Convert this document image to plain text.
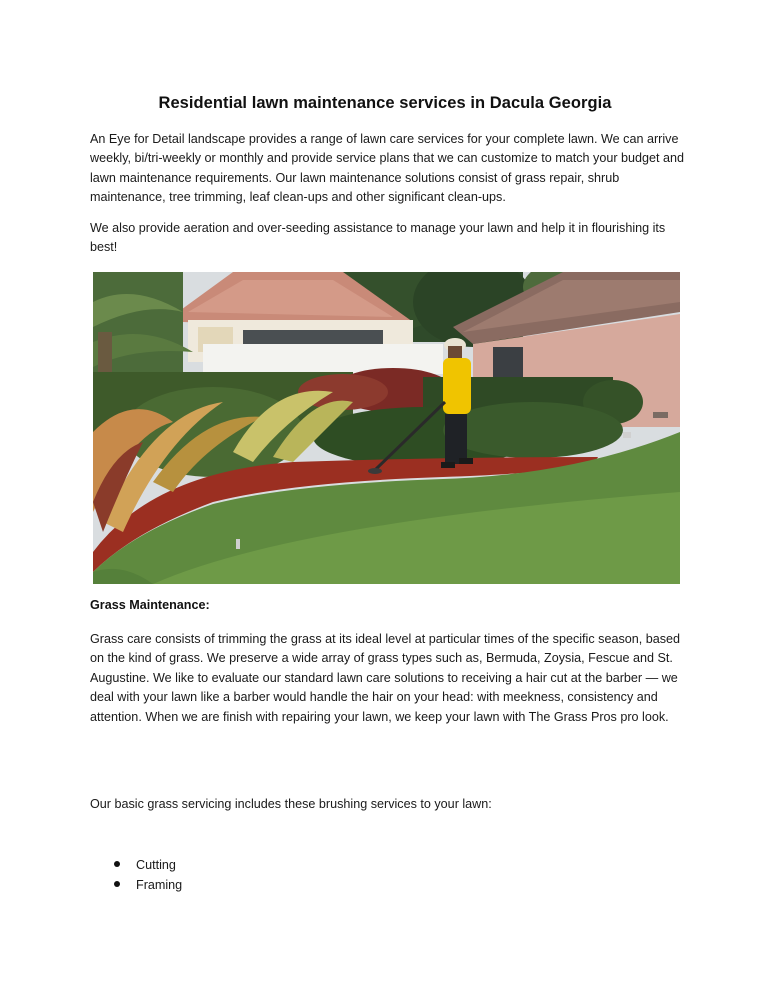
Residential lawn maintenance services in Dacula Georgia
An Eye for Detail landscape provides a range of lawn care services for your complete lawn. We can arrive weekly, bi/tri-weekly or monthly and provide service plans that we can customize to match your budget and lawn maintenance requirements. Our lawn maintenance solutions consist of grass repair, shrub maintenance, tree trimming, leaf clean-ups and other significant clean-ups.
We also provide aeration and over-seeding assistance to manage your lawn and help it in flourishing its best!
Grass Maintenance:
Grass care consists of trimming the grass at its ideal level at particular times of the specific season, based on the kind of grass. We preserve a wide array of grass types such as, Bermuda, Zoysia, Fescue and St. Augustine. We like to evaluate our standard lawn care solutions to receiving a hair cut at the barber — we deal with your lawn like a barber would handle the hair on your head: with meekness, consistency and attention. When we are finish with repairing your lawn, we keep your lawn with The Grass Pros pro look.
Our basic grass servicing includes these brushing services to your lawn:
Cutting
Framing
